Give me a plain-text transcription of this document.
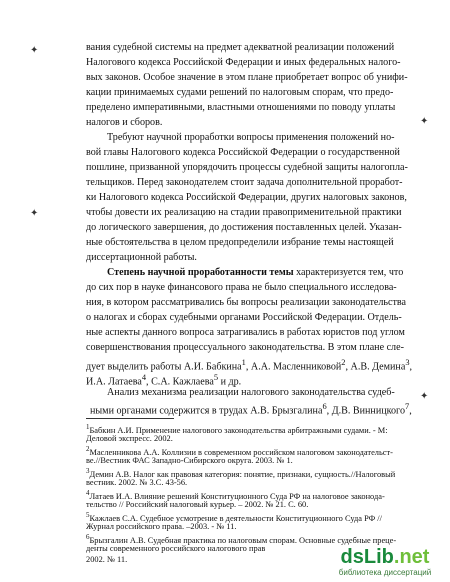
✦
✦
✦
✦
вания судебной системы на предмет адекватной реализации положений
Налогового кодекса Российской Федерации и иных федеральных налого-
вых законов. Особое значение в этом плане приобретает вопрос об унифи-
кации принимаемых судами решений по налоговым спорам, что предо-
пределено императивными, властными отношениями по поводу уплаты
налогов и сборов.
Требуют научной проработки вопросы применения положений но-
вой главы Налогового кодекса Российской Федерации о государственной
пошлине, призванной упорядочить процессы судебной защиты налогопла-
тельщиков. Перед законодателем стоит задача дополнительной проработ-
ки Налогового кодекса Российской Федерации, других налоговых законов,
чтобы довести их реализацию на стадии правоприменительной практики
до логического завершения, до достижения поставленных целей. Указан-
ные обстоятельства в целом предопределили избрание темы настоящей
диссертационной работы.
Степень научной проработанности темы характеризуется тем, что
до сих пор в науке финансового права не было специального исследова-
ния, в котором рассматривались бы вопросы реализации законодательства
о налогах и сборах судебными органами Российской Федерации. Отдель-
ные аспекты данного вопроса затрагивались в работах юристов под углом
совершенствования процессуального законодательства. В этом плане сле-
дует выделить работы А.И. Бабкина$^1$, А.А. Масленниковой$^2$, А.В. Демина$^3$,
И.А. Латаева$^4$, С.А. Кажлаева$^5$ и др.
Анализ механизма реализации налогового законодательства судеб-
ными органами содержится в трудах А.В. Брызгалина$^6$, Д.В. Винницкого$^7$,
$^1$Бабкин А.И. Применение налогового законодательства арбитражными судами. - М:
Деловой экспресс. 2002.
$^2$Масленникова А.А. Коллизии в современном российском налоговом законодательст-
ве.//Вестник ФАС Западно-Сибирского округа. 2003. № 1.
$^3$Демин А.В. Налог как правовая категория: понятие, признаки, сущность.//Налоговый
вестник. 2002. № 3.С. 43-56.
$^4$Латаев И.А. Влияние решений Конституционного Суда РФ на налоговое законода-
тельство // Российский налоговый курьер. – 2002. № 21. С. 60.
$^5$Кажлаев С.А. Судебное усмотрение в деятельности Конституционного Суда РФ //
Журнал российского права. –2003. - № 11.
$^6$Брызгалин А.В. Судебная практика по налоговым спорам. Основные судебные преце-
денты современного российского налогового прав
2002. № 11.	dsLib.net
библиотека диссертаций
